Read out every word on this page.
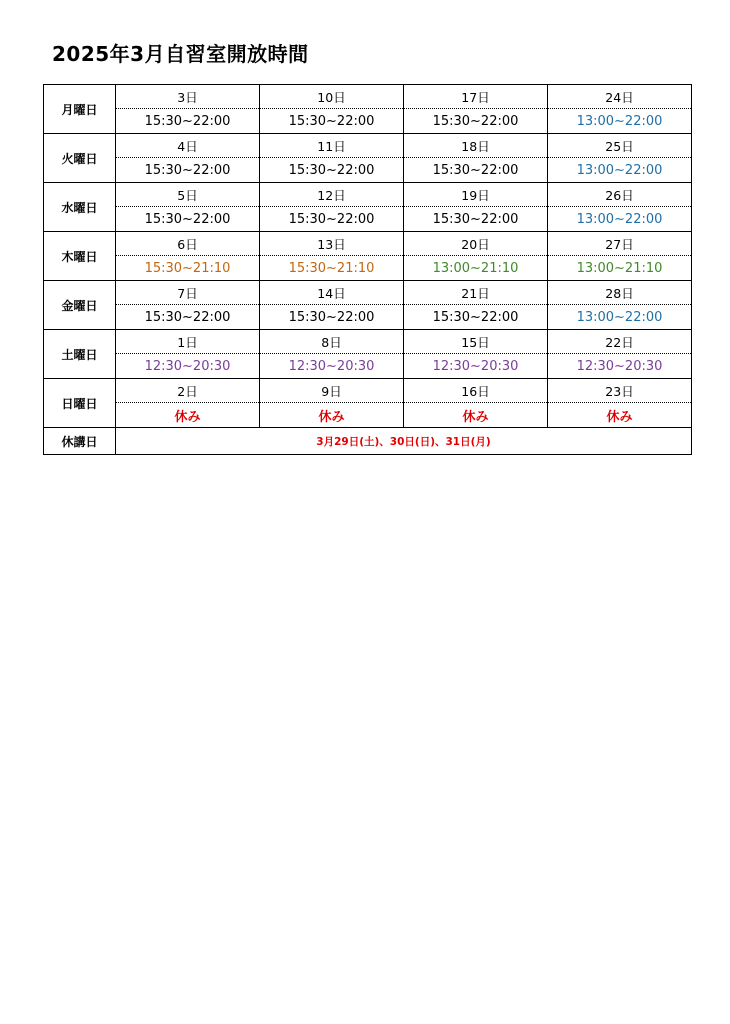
2025年3月自習室開放時間
月曜日	3日	10日	17日	24日
	15:30~22:00	15:30~22:00	15:30~22:00	13:00~22:00
火曜日	4日	11日	18日	25日
	15:30~22:00	15:30~22:00	15:30~22:00	13:00~22:00
水曜日	5日	12日	19日	26日
	15:30~22:00	15:30~22:00	15:30~22:00	13:00~22:00
木曜日	6日	13日	20日	27日
	15:30~21:10	15:30~21:10	13:00~21:10	13:00~21:10
金曜日	7日	14日	21日	28日
	15:30~22:00	15:30~22:00	15:30~22:00	13:00~22:00
土曜日	1日	8日	15日	22日
	12:30~20:30	12:30~20:30	12:30~20:30	12:30~20:30
日曜日	2日	9日	16日	23日
	休み	休み	休み	休み
休講日	3月29日(土)、30日(日)、31日(月)			
